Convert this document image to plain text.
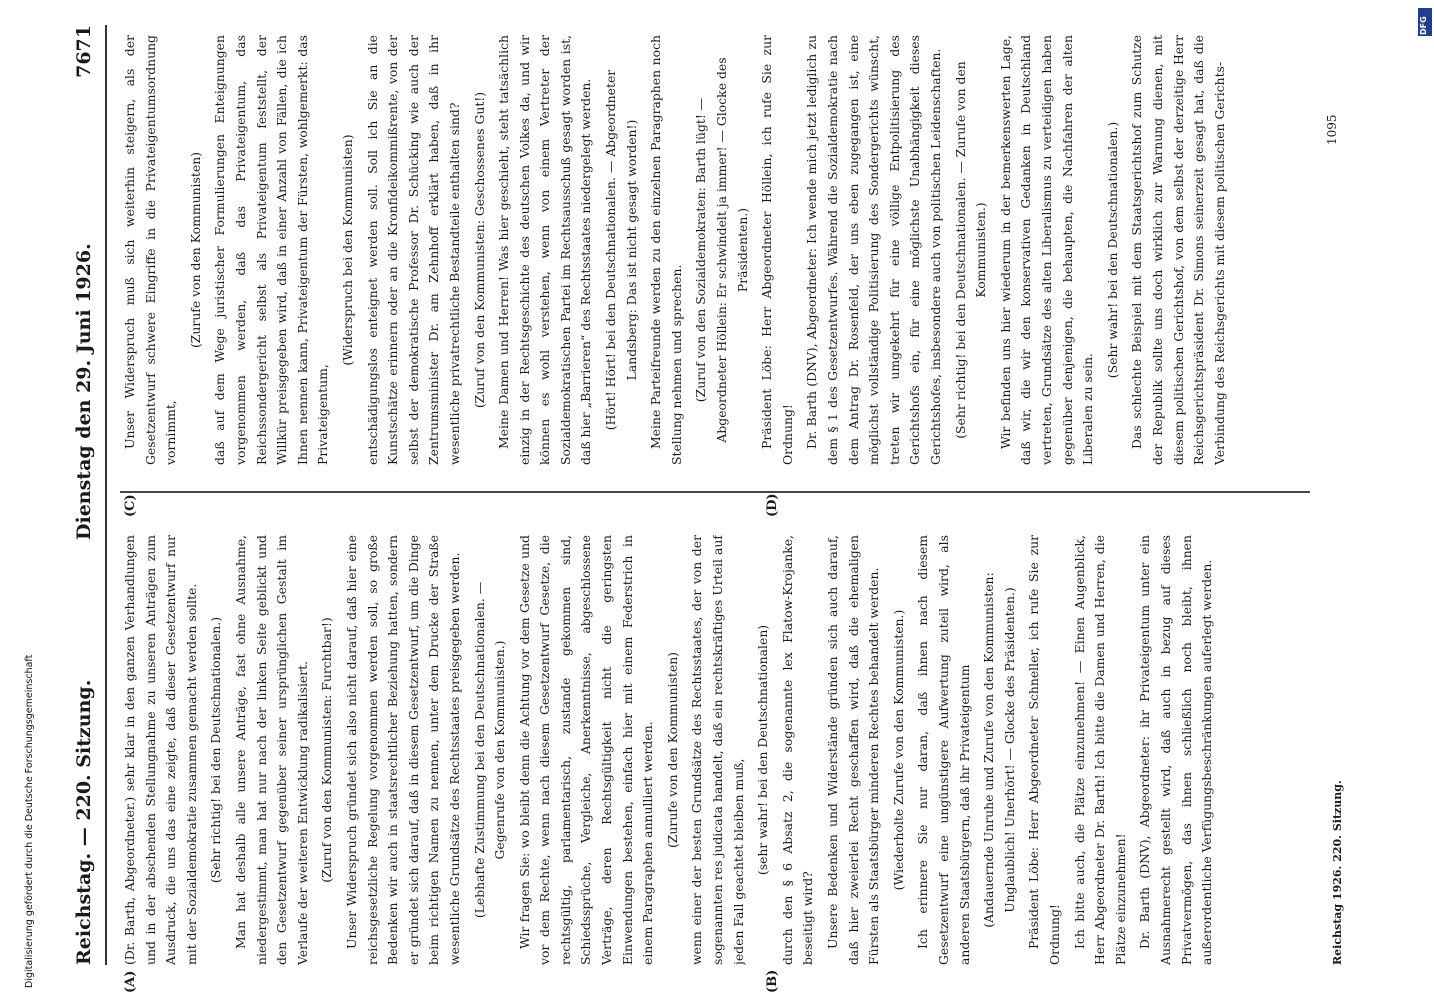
Reichstag. — 220. Sitzung.
Dienstag den 29. Juni 1926.
7671
(A)	(B)
(C)	(D)

(Dr. Barth, Abgeordneter.) sehr klar in den ganzen Verhandlungen und in der abschenden Stellungnahme zu unseren Anträgen zum Ausdruck, die uns das eine zeigte, daß dieser Gesetzentwurf nur mit der Sozialdemokratie zusammen gemacht werden sollte. (Sehr richtig! bei den Deutschnationalen.) Man hat deshalb alle unsere Anträge, fast ohne Ausnahme, niedergestimmt, man hat nur nach der linken Seite geblickt und den Gesetzentwurf gegenüber seiner ursprünglichen Gestalt im Verlaufe der weiteren Entwicklung radikalisiert. (Zuruf von den Kommunisten: Furchtbar!) Unser Widerspruch gründet sich also nicht darauf, daß hier eine reichsgesetzliche Regelung vorgenommen werden soll, so große Bedenken wir auch in staatsrechtlicher Beziehung hatten, sondern er gründet sich darauf, daß in diesem Gesetzentwurf, um die Dinge beim richtigen Namen zu nennen, unter dem Drucke der Straße wesentliche Grundsätze des Rechtsstaates preisgegeben werden. (Lebhafte Zustimmung bei den Deutschnationalen. — Gegenrufe von den Kommunisten.) Wir fragen Sie: wo bleibt denn die Achtung vor dem Gesetze und vor dem Rechte, wenn nach diesem Gesetzentwurf Gesetze, die rechtsgültig, parlamentarisch, zustande gekommen sind, Schiedssprüche, Vergleiche, Anerkenntnisse, abgeschlossene Verträge, deren Rechtsgültigkeit nicht die geringsten Einwendungen bestehen, einfach hier mit einem Federstrich in einem Paragraphen annulliert werden. (Zurufe von den Kommunisten) wenn einer der besten Grundsätze des Rechtsstaates, der von der sogenannten res judicata handelt, daß ein rechtskräftiges Urteil auf jeden Fall geachtet bleiben muß, (sehr wahr! bei den Deutschnationalen) durch den § 6 Absatz 2, die sogenannte lex Flatow-Krojanke, beseitigt wird? Unsere Bedenken und Widerstände gründen sich auch darauf, daß hier zweierlei Recht geschaffen wird, daß die ehemaligen Fürsten als Staatsbürger minderen Rechtes behandelt werden. (Wiederholte Zurufe von den Kommunisten.) Ich erinnere Sie nur daran, daß ihnen nach diesem Gesetzentwurf eine ungünstigere Aufwertung zuteil wird, als anderen Staatsbürgern, daß ihr Privateigentum (Andauernde Unruhe und Zurufe von den Kommunisten: Unglaublich! Unerhört! — Glocke des Präsidenten.) Präsident Löbe: Herr Abgeordneter Schneller, ich rufe Sie zur Ordnung! Ich bitte auch, die Plätze einzunehmen! — Einen Augenblick, Herr Abgeordneter Dr. Barth! Ich bitte die Damen und Herren, die Plätze einzunehmen! Dr. Barth (DNV), Abgeordneter: ihr Privateigentum unter ein Ausnahmerecht gestellt wird, daß auch in bezug auf dieses Privatvermögen, das ihnen schließlich noch bleibt, ihnen außerordentliche Verfügungsbeschränkungen auferlegt werden.

Unser Widerspruch muß sich weiterhin steigern, als der Gesetzentwurf schwere Eingriffe in die Privateigentumsordnung vornimmt,

(Zurufe von den Kommunisten) daß auf dem Wege juristischer Formulierungen Enteignungen vorgenommen werden, daß das Privateigentum, das Reichssondergericht selbst als Privateigentum feststellt, der Willkür preisgegeben wird, daß in einer Anzahl von Fällen, die ich Ihnen nennen kann, Privateigentum der Fürsten, wohlgemerkt: das Privateigentum,

(Widerspruch bei den Kommunisten) entschädigungslos enteignet werden soll. Soll ich Sie an die Kunstschätze erinnern oder an die Kronfideikommißrente, von der selbst der demokratische Professor Dr. Schücking wie auch der Zentrumsminister Dr. am Zehnhoff erklärt haben, daß in ihr wesentliche privatrechtliche Bestandteile enthalten sind? (Zuruf von den Kommunisten: Geschossenes Gut!) Meine Damen und Herren! Was hier geschieht, steht tatsächlich einzig in der Rechtsgeschichte des deutschen Volkes da, und wir können es wohl verstehen, wenn von einem Vertreter der Sozialdemokratischen Partei im Rechtsausschuß gesagt worden ist, daß hier „Barrieren“ des Rechtsstaates niedergelegt werden. (Hört! Hört! bei den Deutschnationalen. — Abgeordneter Landsberg: Das ist nicht gesagt worden!) Meine Parteifreunde werden zu den einzelnen Paragraphen noch Stellung nehmen und sprechen. (Zuruf von den Sozialdemokraten: Barth lügt! — Abgeordneter Höllein: Er schwindelt ja immer! — Glocke des Präsidenten.) Präsident Löbe: Herr Abgeordneter Höllein, ich rufe Sie zur Ordnung! Dr. Barth (DNV), Abgeordneter: Ich wende mich jetzt lediglich zu dem § 1 des Gesetzentwurfes. Während die Sozialdemokratie nach dem Antrag Dr. Rosenfeld, der uns eben zugegangen ist, eine möglichst vollständige Politisierung des Sondergerichts wünscht, treten wir umgekehrt für eine völlige Entpolitisierung des Gerichtshofs ein, für eine möglichste Unabhängigkeit dieses Gerichtshofes, insbesondere auch von politischen Leidenschaften. (Sehr richtig! bei den Deutschnationalen. — Zurufe von den Kommunisten.) Wir befinden uns hier wiederum in der bemerkenswerten Lage, daß wir, die wir den konservativen Gedanken in Deutschland vertreten, Grundsätze des alten Liberalismus zu verteidigen haben gegenüber denjenigen, die behaupten, die Nachfahren der alten Liberalen zu sein.

(Sehr wahr! bei den Deutschnationalen.) Das schlechte Beispiel mit dem Staatsgerichtshof zum Schutze der Republik sollte uns doch wirklich zur Warnung dienen, mit diesem politischen Gerichtshof, von dem selbst der derzeitige Herr Reichsgerichtspräsident Dr. Simons seinerzeit gesagt hat, daß die Verbindung des Reichsgerichts mit diesem politischen Gerichts-

Reichstag 1926. 220. Sitzung.
1095
Digitalisierung gefördert durch die Deutsche Forschungsgemeinschaft
DFG
